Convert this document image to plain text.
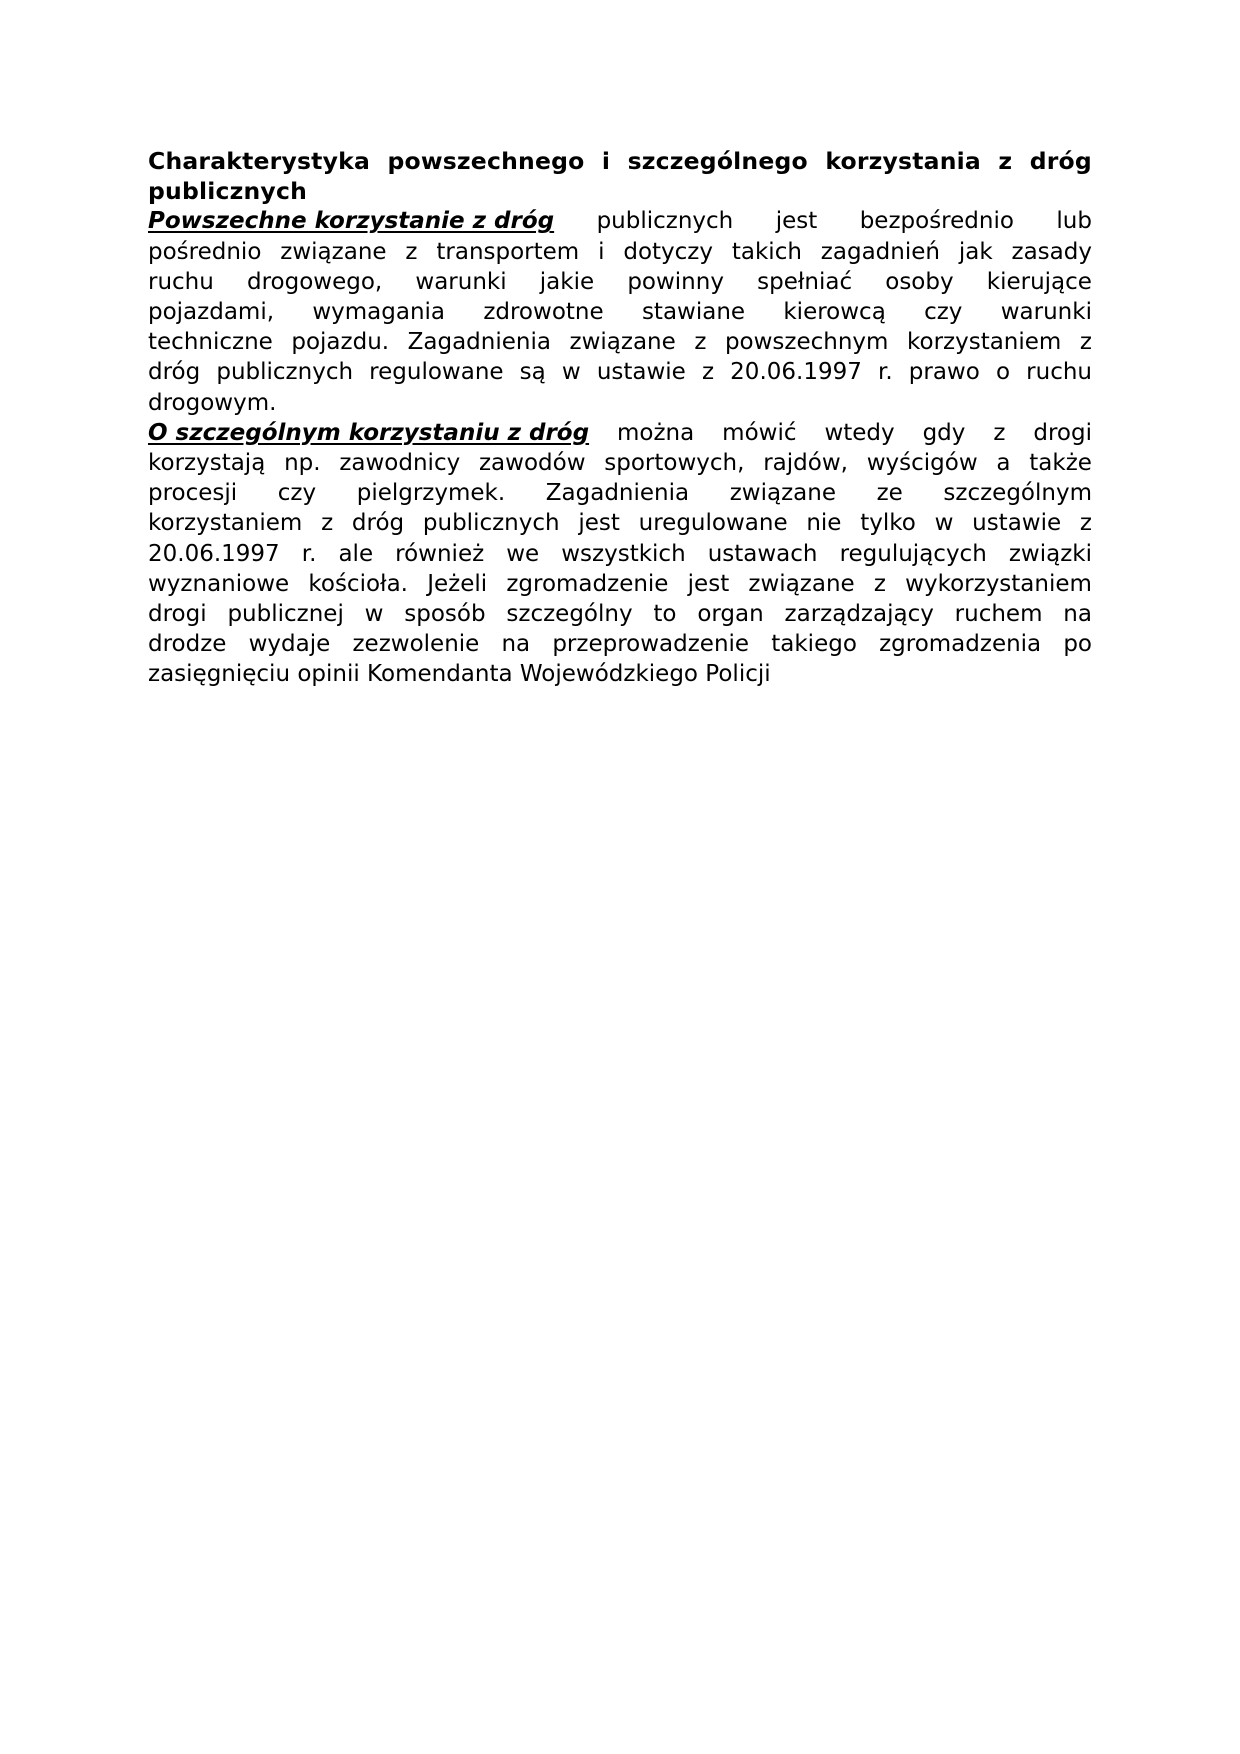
Charakterystyka powszechnego i szczególnego korzystania z dróg
publicznych
Powszechne korzystanie z dróg publicznych jest bezpośrednio lub
pośrednio związane z transportem i dotyczy takich zagadnień jak zasady
ruchu drogowego, warunki jakie powinny spełniać osoby kierujące
pojazdami, wymagania zdrowotne stawiane kierowcą czy warunki
techniczne pojazdu. Zagadnienia związane z powszechnym korzystaniem z
dróg publicznych regulowane są w ustawie z 20.06.1997 r. prawo o ruchu
drogowym.
O szczególnym korzystaniu z dróg można mówić wtedy gdy z drogi
korzystają np. zawodnicy zawodów sportowych, rajdów, wyścigów a także
procesji czy pielgrzymek. Zagadnienia związane ze szczególnym
korzystaniem z dróg publicznych jest uregulowane nie tylko w ustawie z
20.06.1997 r. ale również we wszystkich ustawach regulujących związki
wyznaniowe kościoła. Jeżeli zgromadzenie jest związane z wykorzystaniem
drogi publicznej w sposób szczególny to organ zarządzający ruchem na
drodze wydaje zezwolenie na przeprowadzenie takiego zgromadzenia po
zasięgnięciu opinii Komendanta Wojewódzkiego Policji
